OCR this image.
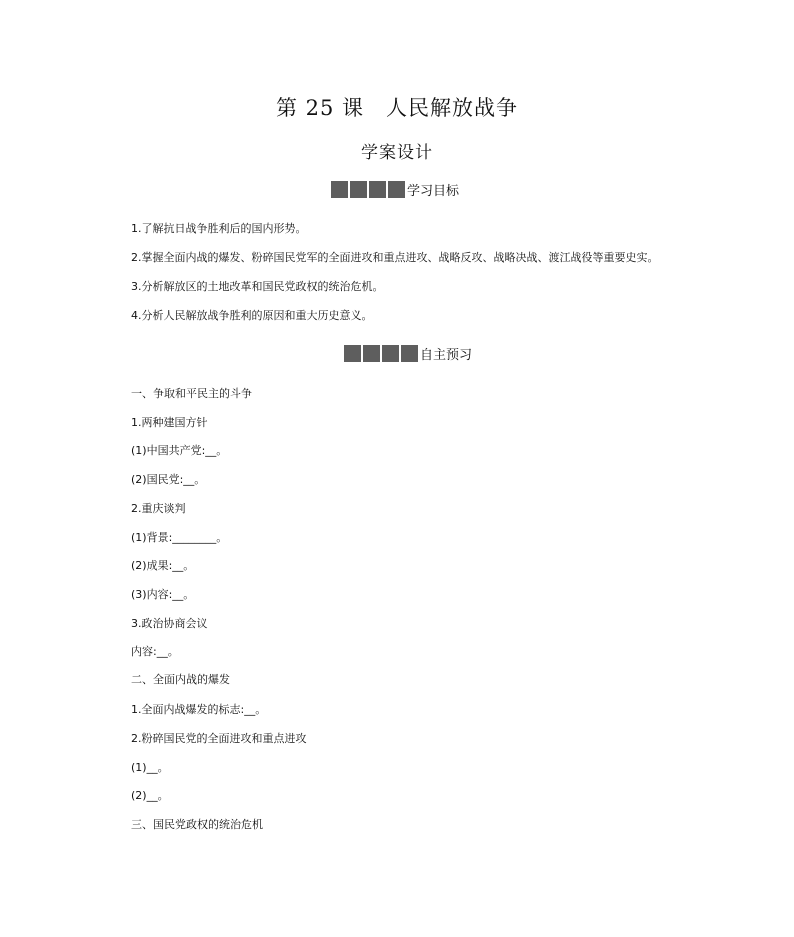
第 25 课 人民解放战争
学案设计
学习目标
1.了解抗日战争胜利后的国内形势。
2.掌握全面内战的爆发、粉碎国民党军的全面进攻和重点进攻、战略反攻、战略决战、渡江战役等重要史实。
3.分析解放区的土地改革和国民党政权的统治危机。
4.分析人民解放战争胜利的原因和重大历史意义。
自主预习
一、争取和平民主的斗争
1.两种建国方针
(1)中国共产党:__。
(2)国民党:__。
2.重庆谈判
(1)背景:________。
(2)成果:__。
(3)内容:__。
3.政治协商会议
内容:__。
二、全面内战的爆发
1.全面内战爆发的标志:__。
2.粉碎国民党的全面进攻和重点进攻
(1)__。
(2)__。
三、国民党政权的统治危机
